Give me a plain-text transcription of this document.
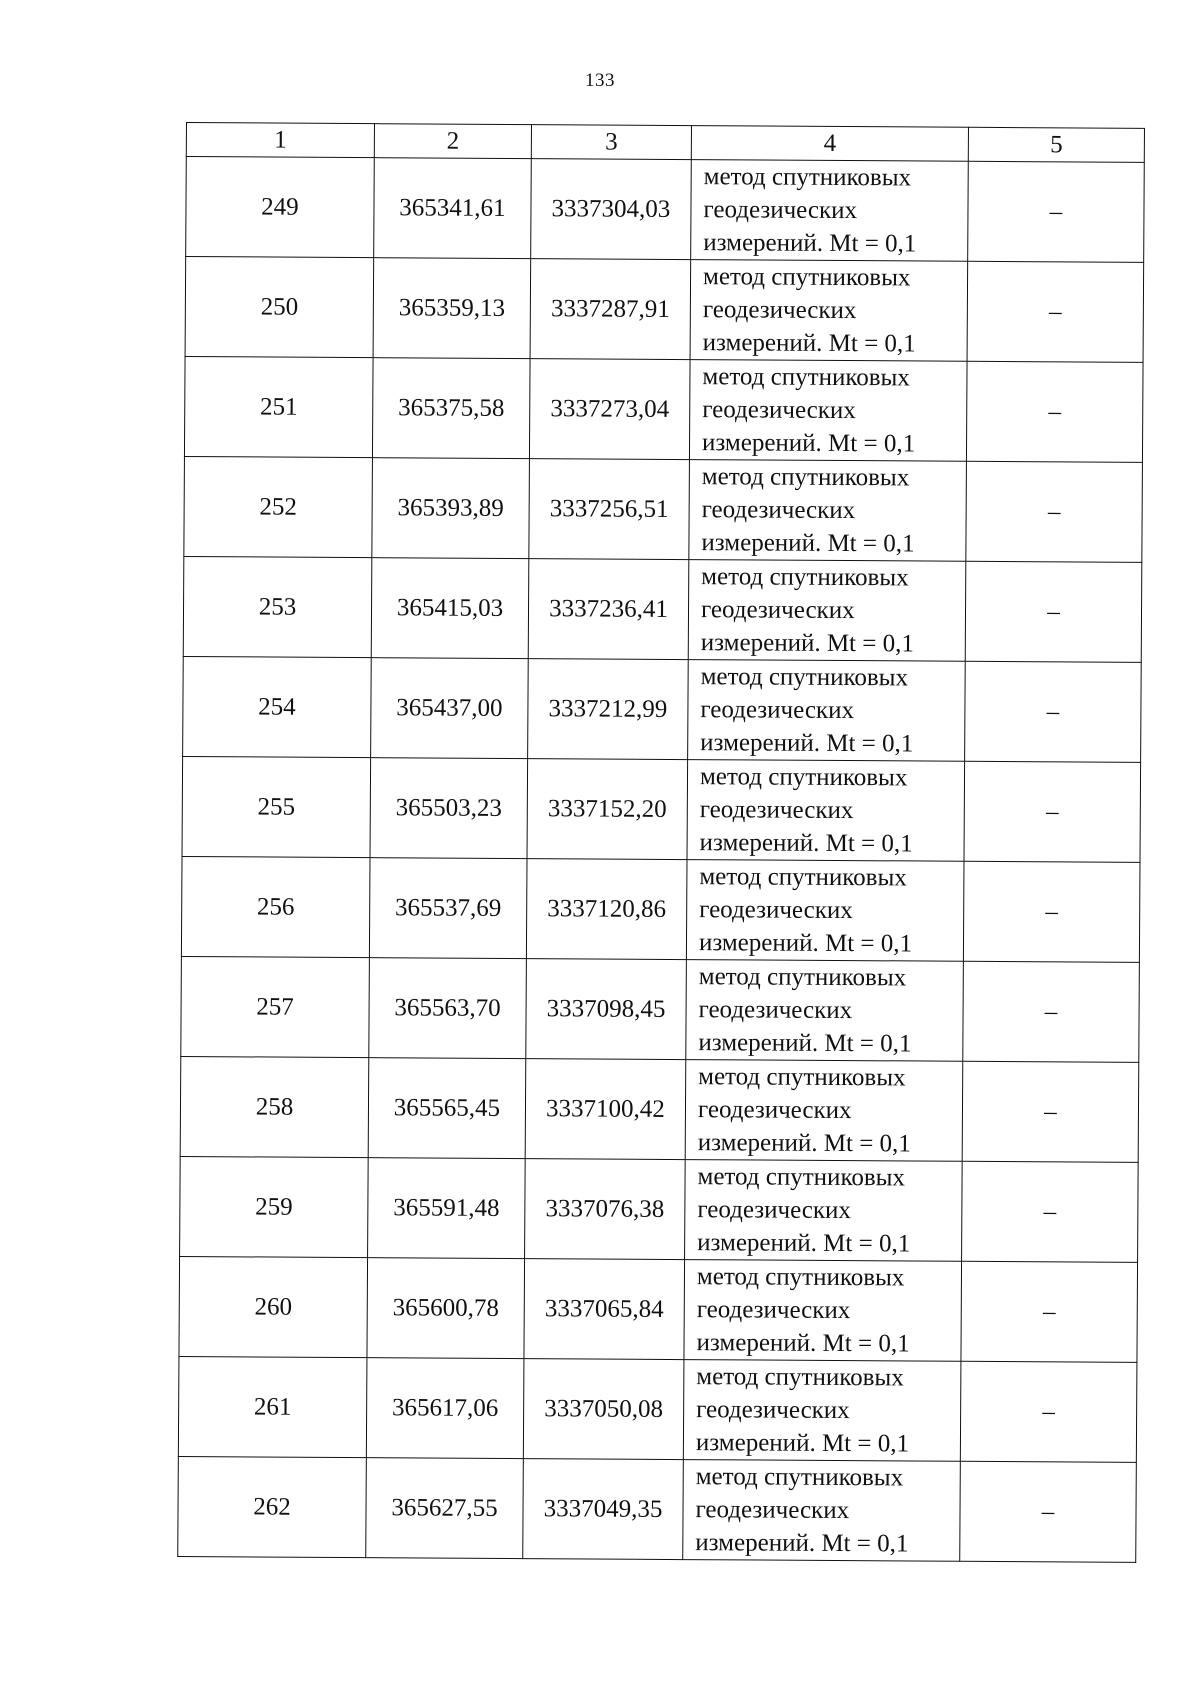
133
1	2	3	4	5
249	365341,61	3337304,03	метод спутниковых
геодезических
измерений. Mt = 0,1	–
250	365359,13	3337287,91	метод спутниковых
геодезических
измерений. Mt = 0,1	–
251	365375,58	3337273,04	метод спутниковых
геодезических
измерений. Mt = 0,1	–
252	365393,89	3337256,51	метод спутниковых
геодезических
измерений. Mt = 0,1	–
253	365415,03	3337236,41	метод спутниковых
геодезических
измерений. Mt = 0,1	–
254	365437,00	3337212,99	метод спутниковых
геодезических
измерений. Mt = 0,1	–
255	365503,23	3337152,20	метод спутниковых
геодезических
измерений. Mt = 0,1	–
256	365537,69	3337120,86	метод спутниковых
геодезических
измерений. Mt = 0,1	–
257	365563,70	3337098,45	метод спутниковых
геодезических
измерений. Mt = 0,1	–
258	365565,45	3337100,42	метод спутниковых
геодезических
измерений. Mt = 0,1	–
259	365591,48	3337076,38	метод спутниковых
геодезических
измерений. Mt = 0,1	–
260	365600,78	3337065,84	метод спутниковых
геодезических
измерений. Mt = 0,1	–
261	365617,06	3337050,08	метод спутниковых
геодезических
измерений. Mt = 0,1	–
262	365627,55	3337049,35	метод спутниковых
геодезических
измерений. Mt = 0,1	–
